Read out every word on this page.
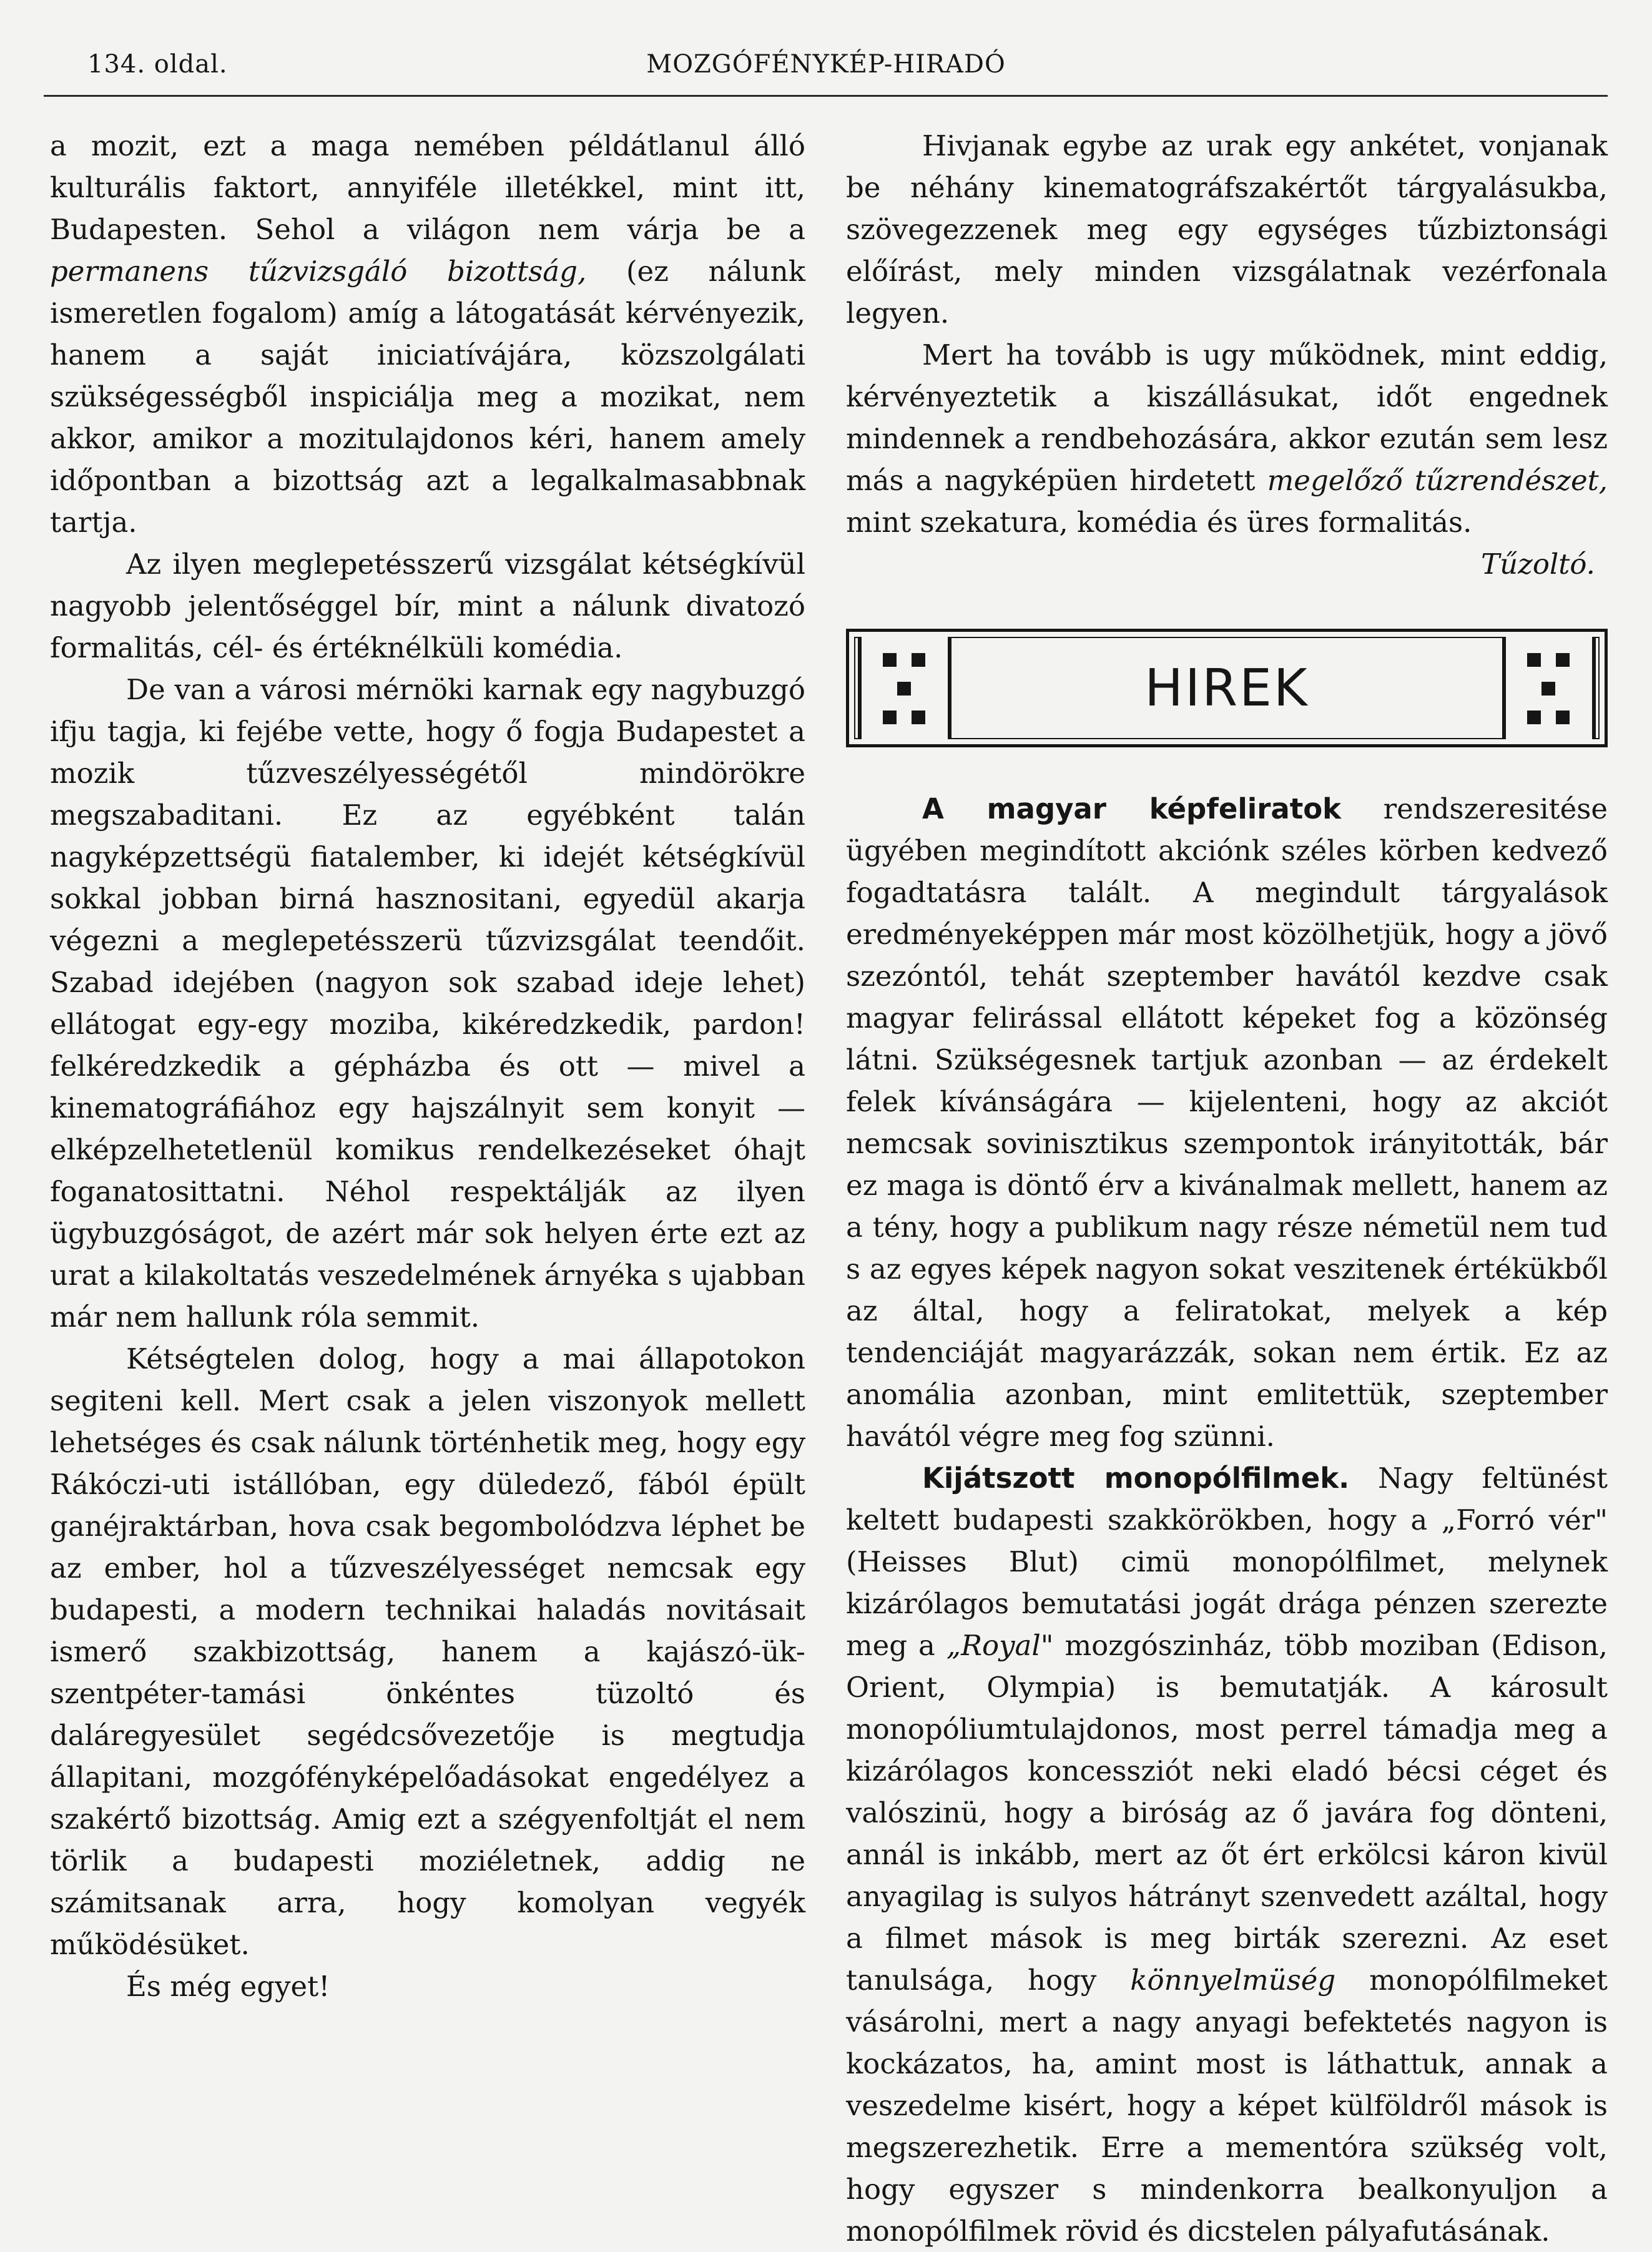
134. oldal.	MOZGÓFÉNYKÉP-HIRADÓ

a mozit, ezt a maga nemében példátlanul álló kulturális faktort, annyiféle illetékkel, mint itt, Budapesten. Sehol a világon nem várja be a permanens tűzvizsgáló bizottság, (ez nálunk ismeretlen fogalom) amíg a látogatását kérvényezik, hanem a saját iniciatívájára, közszolgálati szükségességből inspiciálja meg a mozikat, nem akkor, amikor a mozitulajdonos kéri, hanem amely időpontban a bizottság azt a legalkalmasabbnak tartja.

Az ilyen meglepetésszerű vizsgálat kétségkívül nagyobb jelentőséggel bír, mint a nálunk divatozó formalitás, cél- és értéknélküli komédia.

De van a városi mérnöki karnak egy nagybuzgó ifju tagja, ki fejébe vette, hogy ő fogja Budapestet a mozik tűzveszélyességétől mindörökre megszabaditani. Ez az egyébként talán nagyképzettségü fiatalember, ki idejét kétségkívül sokkal jobban birná hasznositani, egyedül akarja végezni a meglepetésszerü tűzvizsgálat teendőit. Szabad idejében (nagyon sok szabad ideje lehet) ellátogat egy-egy moziba, kikéredzkedik, pardon! felkéredzkedik a gépházba és ott — mivel a kinematográfiához egy hajszálnyit sem konyit — elképzelhetetlenül komikus rendelkezéseket óhajt foganatosittatni. Néhol respektálják az ilyen ügybuzgóságot, de azért már sok helyen érte ezt az urat a kilakoltatás veszedelmének árnyéka s ujabban már nem hallunk róla semmit.

Kétségtelen dolog, hogy a mai állapotokon segiteni kell. Mert csak a jelen viszonyok mellett lehetséges és csak nálunk történhetik meg, hogy egy Rákóczi-uti istállóban, egy düledező, fából épült ganéjraktárban, hova csak begombolódzva léphet be az ember, hol a tűzveszélyességet nemcsak egy budapesti, a modern technikai haladás novitásait ismerő szakbizottság, hanem a kajászó-ük-szentpéter-tamási önkéntes tüzoltó és daláregyesület segédcsővezetője is megtudja állapitani, mozgófényképelőadásokat engedélyez a szakértő bizottság. Amig ezt a szégyenfoltját el nem törlik a budapesti moziéletnek, addig ne számitsanak arra, hogy komolyan vegyék működésüket.

És még egyet!

Hivjanak egybe az urak egy ankétet, vonjanak be néhány kinematográfszakértőt tárgyalásukba, szövegezzenek meg egy egységes tűzbiztonsági előírást, mely minden vizsgálatnak vezérfonala legyen.

Mert ha tovább is ugy működnek, mint eddig, kérvényeztetik a kiszállásukat, időt engednek mindennek a rendbehozására, akkor ezután sem lesz más a nagyképüen hirdetett megelőző tűzrendészet, mint szekatura, komédia és üres formalitás.

Tűzoltó.

HIREK

A magyar képfeliratok rendszeresitése ügyében megindított akciónk széles körben kedvező fogadtatásra talált. A megindult tárgyalások eredményeképpen már most közölhetjük, hogy a jövő szezóntól, tehát szeptember havától kezdve csak magyar felirással ellátott képeket fog a közönség látni. Szükségesnek tartjuk azonban — az érdekelt felek kívánságára — kijelenteni, hogy az akciót nemcsak sovinisztikus szempontok irányitották, bár ez maga is döntő érv a kivánalmak mellett, hanem az a tény, hogy a publikum nagy része németül nem tud s az egyes képek nagyon sokat veszitenek értékükből az által, hogy a feliratokat, melyek a kép tendenciáját magyarázzák, sokan nem értik. Ez az anomália azonban, mint emlitettük, szeptember havától végre meg fog szünni.

Kijátszott monopólfilmek. Nagy feltünést keltett budapesti szakkörökben, hogy a „Forró vér" (Heisses Blut) cimü monopólfilmet, melynek kizárólagos bemutatási jogát drága pénzen szerezte meg a „Royal" mozgószinház, több moziban (Edison, Orient, Olympia) is bemutatják. A károsult monopóliumtulajdonos, most perrel támadja meg a kizárólagos koncessziót neki eladó bécsi céget és valószinü, hogy a biróság az ő javára fog dönteni, annál is inkább, mert az őt ért erkölcsi káron kivül anyagilag is sulyos hátrányt szenvedett azáltal, hogy a filmet mások is meg birták szerezni. Az eset tanulsága, hogy könnyelmüség monopólfilmeket vásárolni, mert a nagy anyagi befektetés nagyon is kockázatos, ha, amint most is láthattuk, annak a veszedelme kisért, hogy a képet külföldről mások is megszerezhetik. Erre a mementóra szükség volt, hogy egyszer s mindenkorra bealkonyuljon a monopólfilmek rövid és dicstelen pályafutásának.
